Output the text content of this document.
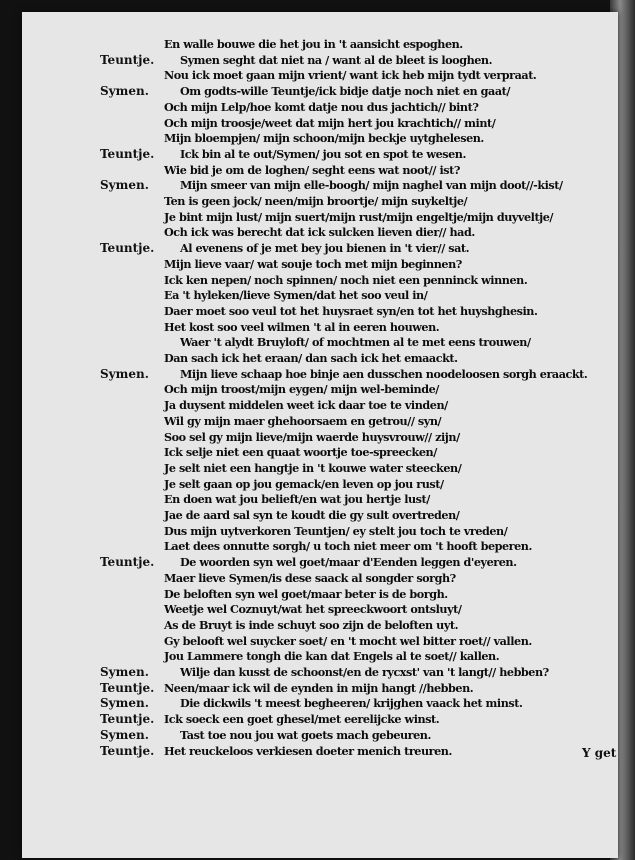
En walle bouwe die het jou in 't aansicht espoghen.
Teuntje. Symen seght dat niet na / want al de bleet is looghen.
Nou ick moet gaan mijn vrient/ want ick heb mijn tydt verpraat.
Symen.	Om godts-wille Teuntje/ick bidje datje noch niet en gaat/
Och mijn Lelp/hoe komt datje nou dus jachtich// bint?
Och mijn troosje/weet dat mijn hert jou krachtich// mint/
Mijn bloempjen/ mijn schoon/mijn beckje uytghelesen.
Teuntje. Ick bin al te out/Symen/ jou sot en spot te wesen.
Wie bid je om de loghen/ seght eens wat noot// ist?
Symen.	Mijn smeer van mijn elle-boogh/ mijn naghel van mijn doot//-kist/
Ten is geen jock/ neen/mijn broortje/ mijn suykeltje/
Je bint mijn lust/ mijn suert/mijn rust/mijn engeltje/mijn duyveltje/
Och ick was berecht dat ick sulcken lieven dier// had.
Teuntje. Al evenens of je met bey jou bienen in 't vier// sat.
Mijn lieve vaar/ wat souje toch met mijn beginnen?
Ick ken nepen/ noch spinnen/ noch niet een penninck winnen.
Ea 't hyleken/lieve Symen/dat het soo veul in/
Daer moet soo veul tot het huysraet syn/en tot het huyshghesin.
Het kost soo veel wilmen 't al in eeren houwen.
Waer 't alydt Bruyloft/ of mochtmen al te met eens trouwen/
Dan sach ick het eraan/ dan sach ick het emaackt.
Symen.	Mijn lieve schaap hoe binje aen dusschen noodeloosen sorgh eraackt.
Och mijn troost/mijn eygen/ mijn wel-beminde/
Ja duysent middelen weet ick daar toe te vinden/
Wil gy mijn maer ghehoorsaem en getrou// syn/
Soo sel gy mijn lieve/mijn waerde huysvrouw// zijn/
Ick selje niet een quaat woortje toe-spreecken/
Je selt niet een hangtje in 't kouwe water steecken/
Je selt gaan op jou gemack/en leven op jou rust/
En doen wat jou belieft/en wat jou hertje lust/
Jae de aard sal syn te koudt die gy sult overtreden/
Dus mijn uytverkoren Teuntjen/ ey stelt jou toch te vreden/
Laet dees onnutte sorgh/ u toch niet meer om 't hooft beperen.
Teuntje. De woorden syn wel goet/maar d'Eenden leggen d'eyeren.
Maer lieve Symen/is dese saack al songder sorgh?
De beloften syn wel goet/maar beter is de borgh.
Weetje wel Coznuyt/wat het spreeckwoort ontsluyt/
As de Bruyt is inde schuyt soo zijn de beloften uyt.
Gy belooft wel suycker soet/ en 't mocht wel bitter roet// vallen.
Jou Lammere tongh die kan dat Engels al te soet// kallen.
Symen.	Wilje dan kusst de schoonst/en de rycxst' van 't langt// hebben?
Teuntje. Neen/maar ick wil de eynden in mijn hangt //hebben.
Symen.	Die dickwils 't meest begheeren/ krijghen vaack het minst.
Teuntje. Ick soeck een goet ghesel/met eerelijcke winst.
Symen.	Tast toe nou jou wat goets mach gebeuren.
Teuntje. Het reuckeloos verkiesen doeter menich treuren.	Y get
